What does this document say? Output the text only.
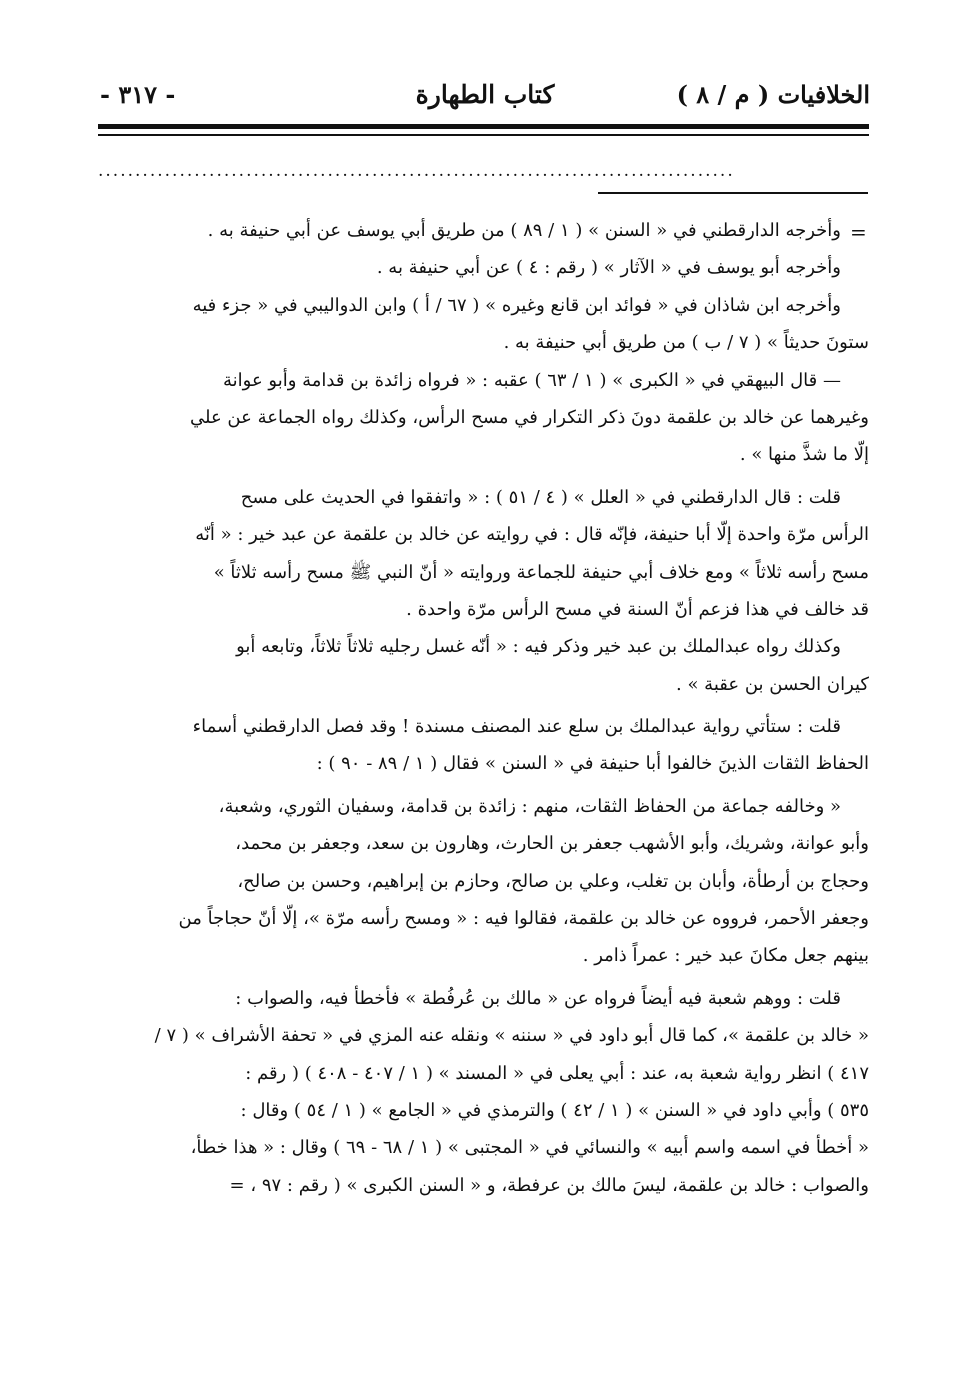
الخلافيات ( م / ٨ )
كتاب الطهارة
- ٣١٧ -
......................................................................................
=
وأخرجه الدارقطني في « السنن » ( ١ / ٨٩ ) من طريق أبي يوسف عن أبي حنيفة به .
وأخرجه أبو يوسف في « الآثار » ( رقم : ٤ ) عن أبي حنيفة به .
وأخرجه ابن شاذان في « فوائد ابن قانع وغيره » ( ٦٧ / أ ) وابن الدواليبي في « جزء فيه
ستونَ حديثاً » ( ٧ / ب ) من طريق أبي حنيفة به .
— قال البيهقي في « الكبرى » ( ١ / ٦٣ ) عقبه : « فرواه زائدة بن قدامة وأبو عوانة
وغيرهما عن خالد بن علقمة دونَ ذكر التكرار في مسح الرأس، وكذلك رواه الجماعة عن علي
إلّا ما شذَّ منها » .
قلت : قال الدارقطني في « العلل » ( ٤ / ٥١ ) : « واتفقوا في الحديث على مسح
الرأس مرّة واحدة إلّا أبا حنيفة، فإنّه قال : في روايته عن خالد بن علقمة عن عبد خير : « أنّه
مسح رأسه ثلاثاً » ومع خلاف أبي حنيفة للجماعة وروايته « أنّ النبي ﷺ مسح رأسه ثلاثاً »
قد خالف في هذا فزعم أنّ السنة في مسح الرأس مرّة واحدة .
وكذلك رواه عبدالملك بن عبد خير وذكر فيه : « أنّه غسل رجليه ثلاثاً ثلاثاً، وتابعه أبو
كيران الحسن بن عقبة » .
قلت : ستأتي رواية عبدالملك بن سلع عند المصنف مسندة ! وقد فصل الدارقطني أسماء
الحفاظ الثقات الذينَ خالفوا أبا حنيفة في « السنن » فقال ( ١ / ٨٩ - ٩٠ ) :
« وخالفه جماعة من الحفاظ الثقات، منهم : زائدة بن قدامة، وسفيان الثوري، وشعبة،
وأبو عوانة، وشريك، وأبو الأشهب جعفر بن الحارث، وهارون بن سعد، وجعفر بن محمد،
وحجاج بن أرطأة، وأبان بن تغلب، وعلي بن صالح، وحازم بن إبراهيم، وحسن بن صالح،
وجعفر الأحمر، فرووه عن خالد بن علقمة، فقالوا فيه : « ومسح رأسه مرّة »، إلّا أنّ حجاجاً من
بينهم جعل مكانَ عبد خير : عمراً ذامر .
قلت : ووهم شعبة فيه أيضاً فرواه عن « مالك بن عُرفُطة » فأخطأ فيه، والصواب :
« خالد بن علقمة »، كما قال أبو داود في « سننه » ونقله عنه المزي في « تحفة الأشراف » ( ٧ /
٤١٧ ) انظر رواية شعبة به، عند : أبي يعلى في « المسند » ( ١ / ٤٠٧ - ٤٠٨ ) ( رقم :
٥٣٥ ) وأبي داود في « السنن » ( ١ / ٤٢ ) والترمذي في « الجامع » ( ١ / ٥٤ ) وقال :
« أخطأ في اسمه واسم أبيه » والنسائي في « المجتبى » ( ١ / ٦٨ - ٦٩ ) وقال : « هذا خطأ،
والصواب : خالد بن علقمة، ليسَ مالك بن عرفطة، و « السنن الكبرى » ( رقم : ٩٧ ، =
